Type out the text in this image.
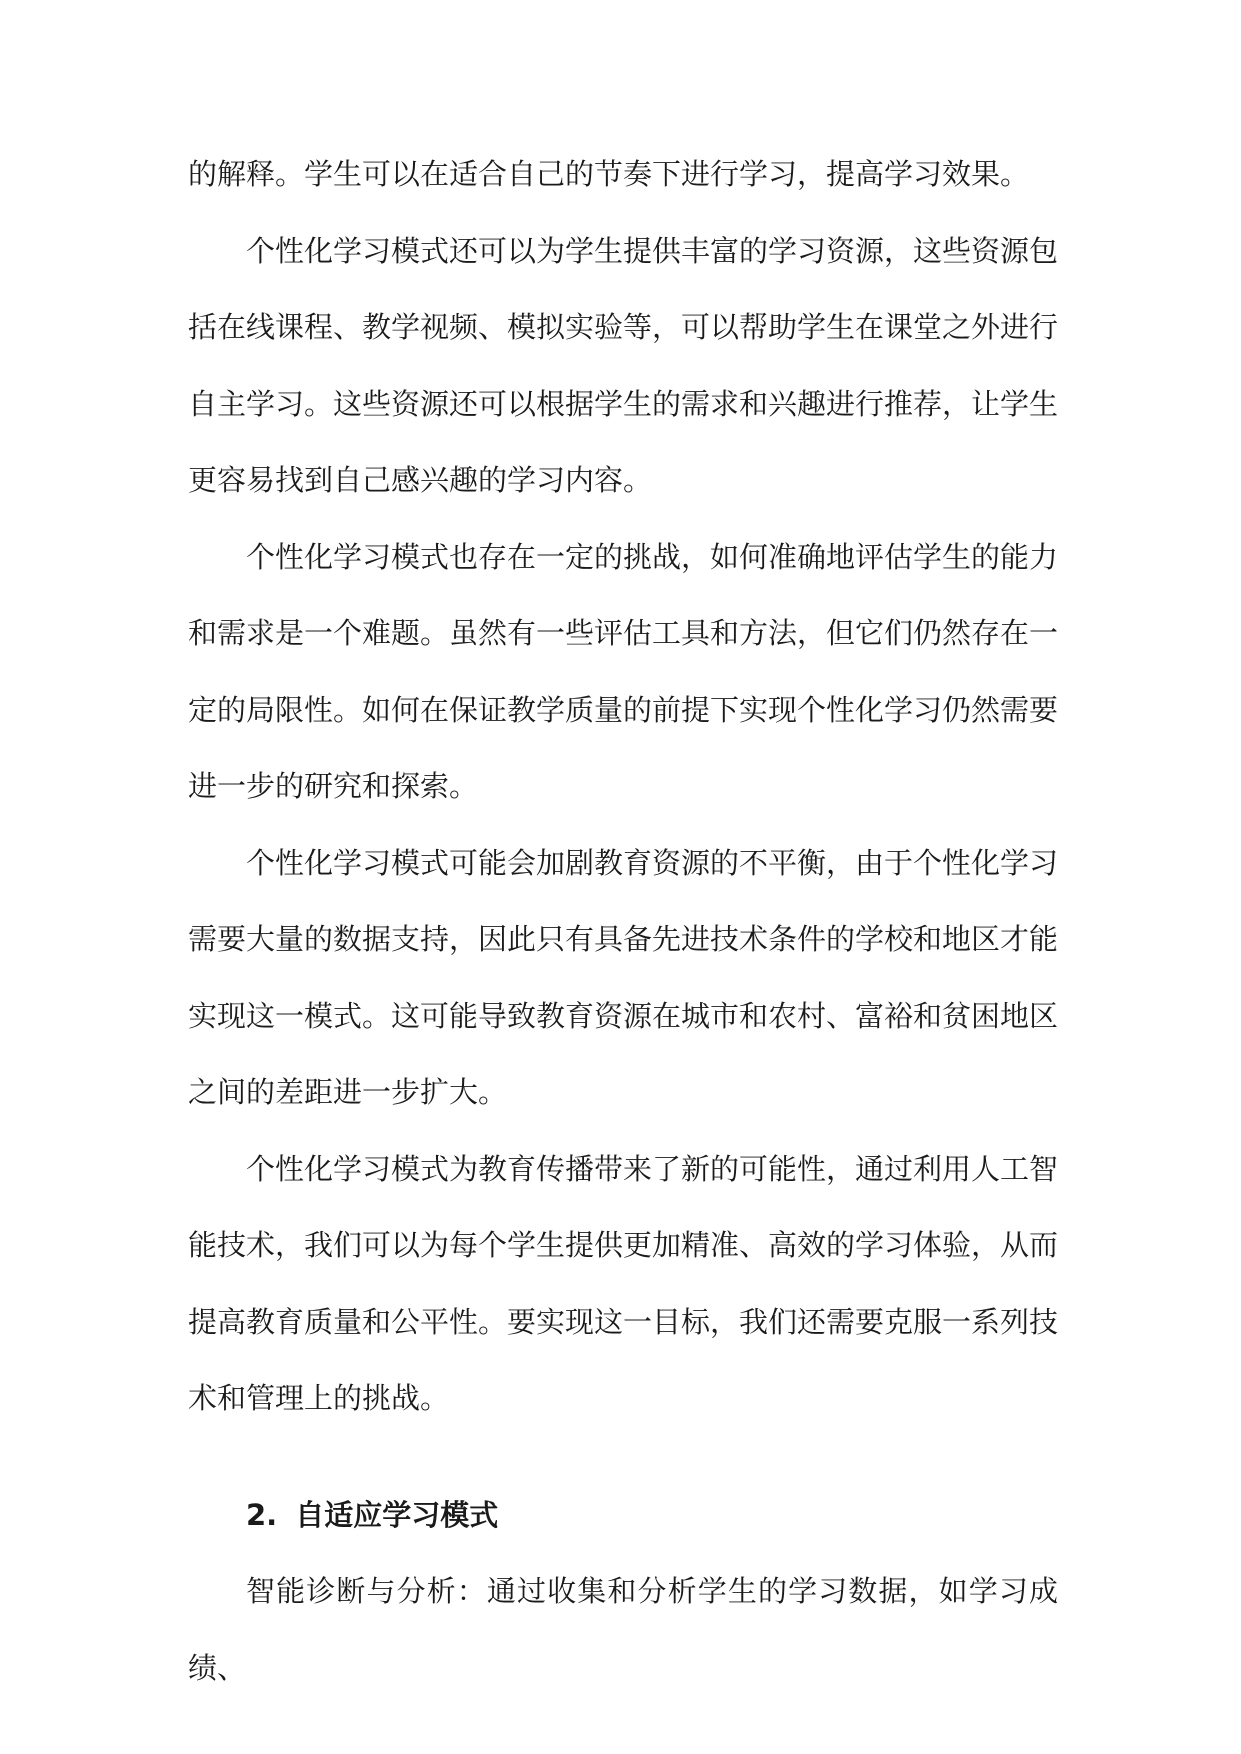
的解释。学生可以在适合自己的节奏下进行学习，提高学习效果。

个性化学习模式还可以为学生提供丰富的学习资源，这些资源包括在线课程、教学视频、模拟实验等，可以帮助学生在课堂之外进行自主学习。这些资源还可以根据学生的需求和兴趣进行推荐，让学生更容易找到自己感兴趣的学习内容。

个性化学习模式也存在一定的挑战，如何准确地评估学生的能力和需求是一个难题。虽然有一些评估工具和方法，但它们仍然存在一定的局限性。如何在保证教学质量的前提下实现个性化学习仍然需要进一步的研究和探索。

个性化学习模式可能会加剧教育资源的不平衡，由于个性化学习需要大量的数据支持，因此只有具备先进技术条件的学校和地区才能实现这一模式。这可能导致教育资源在城市和农村、富裕和贫困地区之间的差距进一步扩大。

个性化学习模式为教育传播带来了新的可能性，通过利用人工智能技术，我们可以为每个学生提供更加精准、高效的学习体验，从而提高教育质量和公平性。要实现这一目标，我们还需要克服一系列技术和管理上的挑战。

2. 自适应学习模式

智能诊断与分析：通过收集和分析学生的学习数据，如学习成绩、
